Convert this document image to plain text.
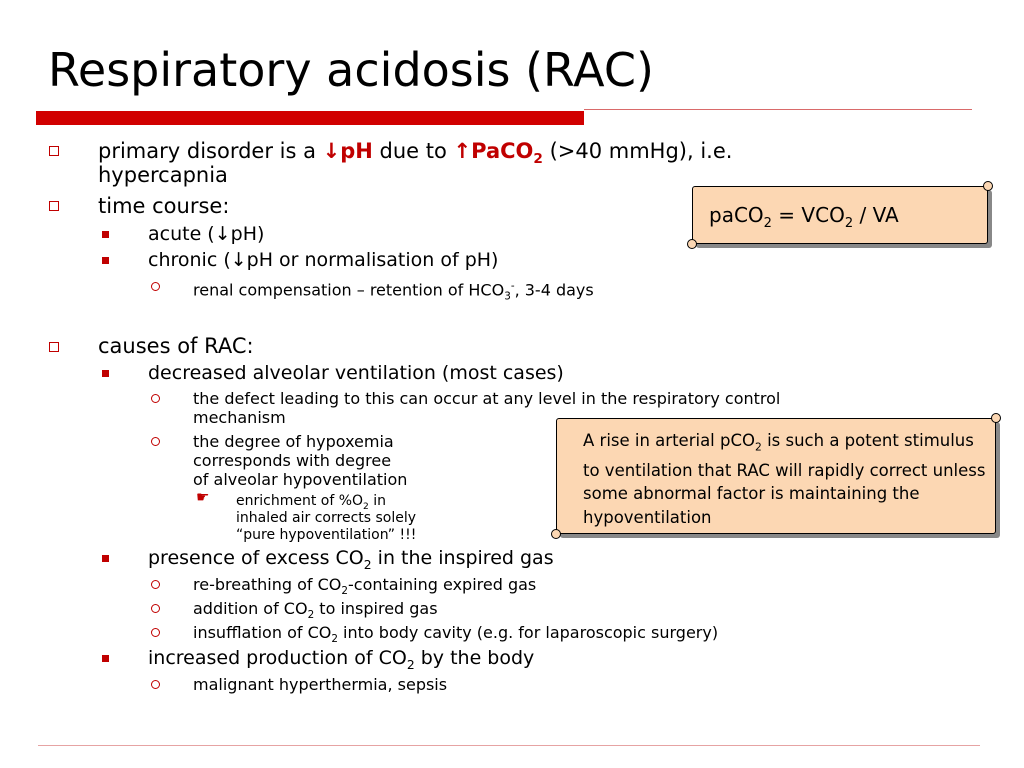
Respiratory acidosis (RAC)
primary disorder is a ↓pH due to ↑PaCO$_2$ (>40 mmHg), i.e.
hypercapnia
time course:
acute (↓pH)
chronic (↓pH or normalisation of pH)
renal compensation – retention of $HCO_3^-$, 3-4 days
causes of RAC:
decreased alveolar ventilation (most cases)
the defect leading to this can occur at any level in the respiratory control
mechanism
the degree of hypoxemia
corresponds with degree
of alveolar hypoventilation
☛ enrichment of $\%O_2$ in
inhaled air corrects solely
“pure hypoventilation” !!!
presence of excess $CO_2$ in the inspired gas
re-breathing of $CO_2$-containing expired gas
addition of $CO_2$ to inspired gas
insufflation of $CO_2$ into body cavity (e.g. for laparoscopic surgery)
increased production of $CO_2$ by the body
malignant hyperthermia, sepsis
paCO$_2$ = $VCO_2$ / VA
A rise in arterial pCO$_2$ is such a potent stimulus to ventilation that RAC will rapidly correct unless some abnormal factor is maintaining the hypoventilation
